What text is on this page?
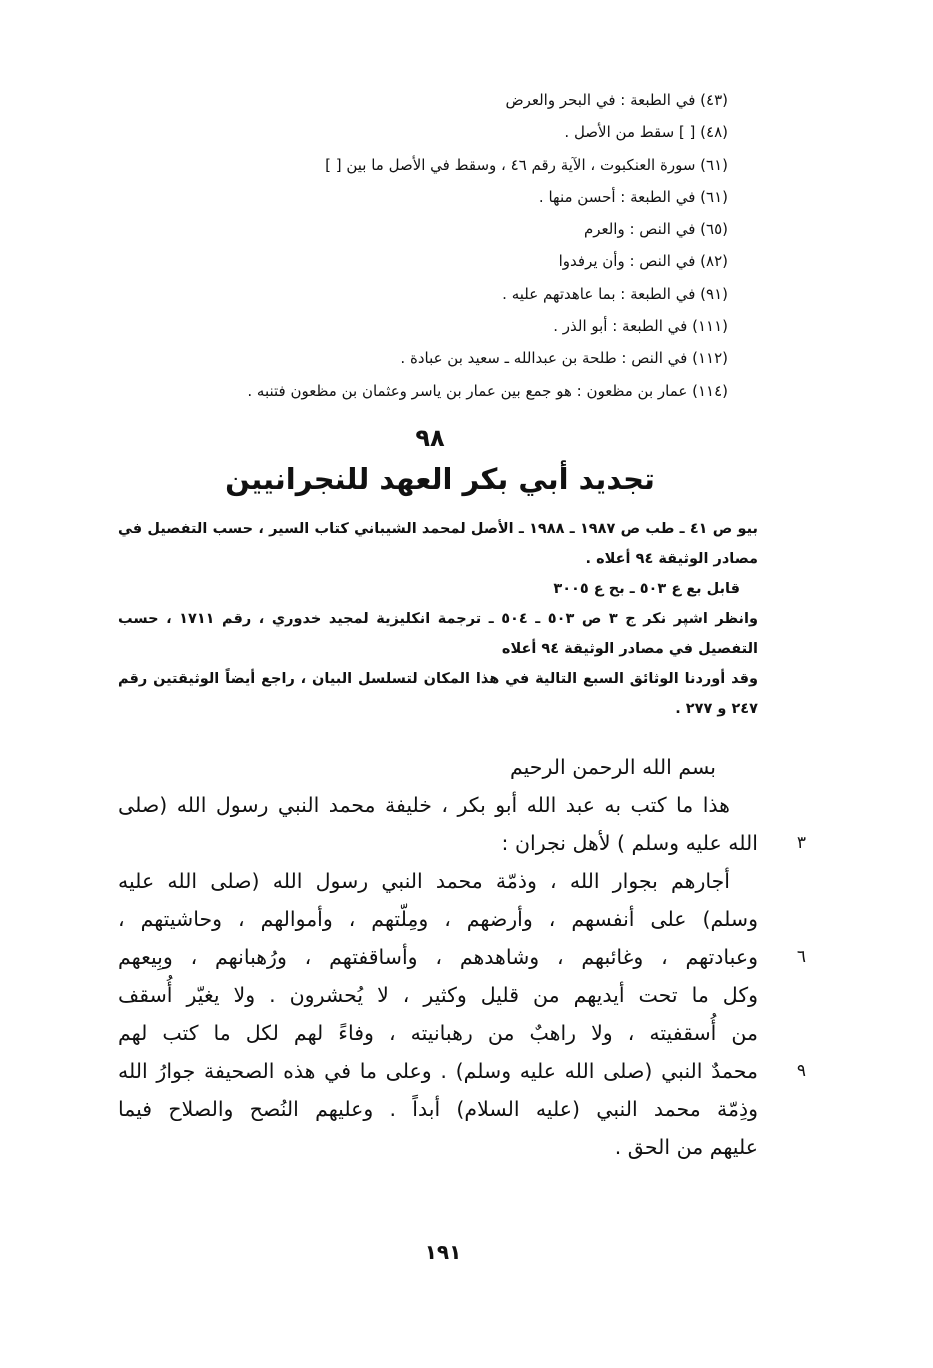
(٤٣) في الطبعة : في البحر والعرض
(٤٨) [ ] سقط من الأصل .
(٦١) سورة العنكبوت ، الآية رقم ٤٦ ، وسقط في الأصل ما بين [ ]
(٦١) في الطبعة : أحسن منها .
(٦٥) في النص : والعرم
(٨٢) في النص : وأن يرفدوا
(٩١) في الطبعة : بما عاهدتهم عليه .
(١١١) في الطبعة : أبو الذر .
(١١٢) في النص : طلحة بن عبدالله ـ سعيد بن عبادة .
(١١٤) عمار بن مظعون : هو جمع بين عمار بن ياسر وعثمان بن مظعون فتنبه .
٩٨
تجديد أبي بكر العهد للنجرانيين

بيو ص ٤١ ـ طب ص ١٩٨٧ ـ ١٩٨٨ ـ الأصل لمحمد الشيباني كتاب السير ، حسب التفصيل في مصادر الوثيقة ٩٤ أعلاه .

قابل بع ع ٥٠٣ ـ بح ع ٣٠٠٥

وانظر اشپر نكر ج ٣ ص ٥٠٣ ـ ٥٠٤ ـ ترجمة انكليزية لمجيد خدوري ، رقم ١٧١١ ، حسب التفصيل في مصادر الوثيقة ٩٤ أعلاه

وقد أوردنا الوثائق السبع التالية في هذا المكان لتسلسل البيان ، راجع أيضاً الوثيقتين رقم ٢٤٧ و ٢٧٧ .

بسم الله الرحمن الرحيم
هذا ما كتب به عبد الله أبو بكر ، خليفة محمد النبي رسول الله (صلى
الله عليه وسلم ) لأهل نجران :	٣
أجارهم بجوار الله ، وذمّة محمد النبي رسول الله (صلى الله عليه
وسلم) على أنفسهم ، وأرضهم ، ومِلّتهم ، وأموالهم ، وحاشيتهم ،
وعبادتهم ، وغائبهم ، وشاهدهم ، وأساقفتهم ، ورُهبانهم ، وبِيعهم	٦
وكل ما تحت أيديهم من قليل وكثير ، لا يُحشرون . ولا يغيّر أُسقف
من أُسقفيته ، ولا راهبٌ من رهبانيته ، وفاءً لهم لكل ما كتب لهم
محمدٌ النبي (صلى الله عليه وسلم) . وعلى ما في هذه الصحيفة جوارُ الله	٩
وذِمّة محمد النبي (عليه السلام) أبداً . وعليهم النُصح والصلاح فيما
عليهم من الحق .
١٩١
